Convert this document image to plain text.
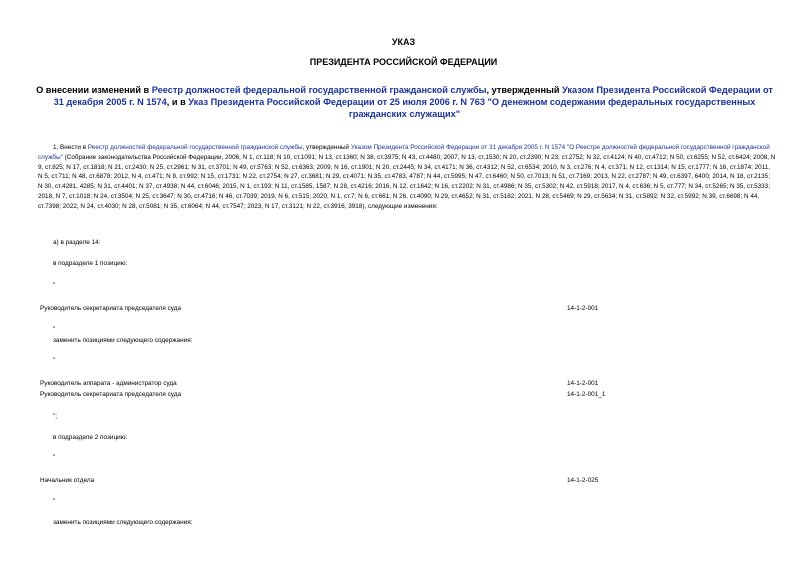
УКАЗ
ПРЕЗИДЕНТА РОССИЙСКОЙ ФЕДЕРАЦИИ
О внесении изменений в Реестр должностей федеральной государственной гражданской службы, утвержденный Указом Президента Российской Федерации от 31 декабря 2005 г. N 1574, и в Указ Президента Российской Федерации от 25 июля 2006 г. N 763 "О денежном содержании федеральных государственных гражданских служащих"
1. Внести в Реестр должностей федеральной государственной гражданской службы, утвержденный Указом Президента Российской Федерации от 31 декабря 2005 г. N 1574 "О Реестре должностей федеральной государственной гражданской службы" (Собрание законодательства Российской Федерации, 2006, N 1, ст.118; N 10, ст.1091; N 13, ст.1360; N 38, ст.3975; N 43, ст.4480; 2007, N 13, ст.1530; N 20, ст.2390; N 23, ст.2752; N 32, ст.4124; N 40, ст.4712; N 50, ст.6255; N 52, ст.6424; 2008, N 9, ст.825; N 17, ст.1818; N 21, ст.2430; N 25, ст.2961; N 31, ст.3701; N 49, ст.5763; N 52, ст.6363; 2009, N 16, ст.1901; N 20, ст.2445; N 34, ст.4171; N 36, ст.4312; N 52, ст.6534; 2010, N 3, ст.276; N 4, ст.371; N 12, ст.1314; N 15, ст.1777; N 16, ст.1874; 2011, N 5, ст.711; N 48, ст.6878; 2012, N 4, ст.471; N 8, ст.992; N 15, ст.1731; N 22, ст.2754; N 27, ст.3681; N 29, ст.4071; N 35, ст.4783, 4787; N 44, ст.5995; N 47, ст.6460; N 50, ст.7013; N 51, ст.7169; 2013, N 22, ст.2787; N 49, ст.6397, 6400; 2014, N 18, ст.2135; N 30, ст.4281, 4285; N 31, ст.4401; N 37, ст.4938; N 44, ст.6046; 2015, N 1, ст.193; N 11, ст.1585, 1587; N 28, ст.4216; 2016, N 12, ст.1642; N 16, ст.2202; N 31, ст.4986; N 35, ст.5302; N 42, ст.5918; 2017, N 4, ст.636; N 5, ст.777; N 34, ст.5265; N 35, ст.5333; 2018, N 7, ст.1018; N 24, ст.3504; N 25, ст.3647; N 30, ст.4716; N 46, ст.7039; 2019, N 6, ст.515; 2020, N 1, ст.7; N 6, ст.661; N 26, ст.4090; N 29, ст.4652; N 31, ст.5162; 2021, N 28, ст.5469; N 29, ст.5634; N 31, ст.5892; N 32, ст.5992; N 39, ст.6698; N 44, ст.7398; 2022, N 24, ст.4030; N 28, ст.5081; N 35, ст.6064; N 44, ст.7547; 2023, N 17, ст.3121; N 22, ст.3916, 3918), следующие изменения:
а) в разделе 14:
в подразделе 1 позицию:
"
Руководитель секретариата председателя суда	14-1-2-001
"
заменить позициями следующего содержания:
"
Руководитель аппарата - администратор суда	14-1-2-001
Руководитель секретариата председателя суда	14-1-2-001_1
";
в подразделе 2 позицию:
"
Начальник отдела	14-1-2-025
"
заменить позициями следующего содержания:
